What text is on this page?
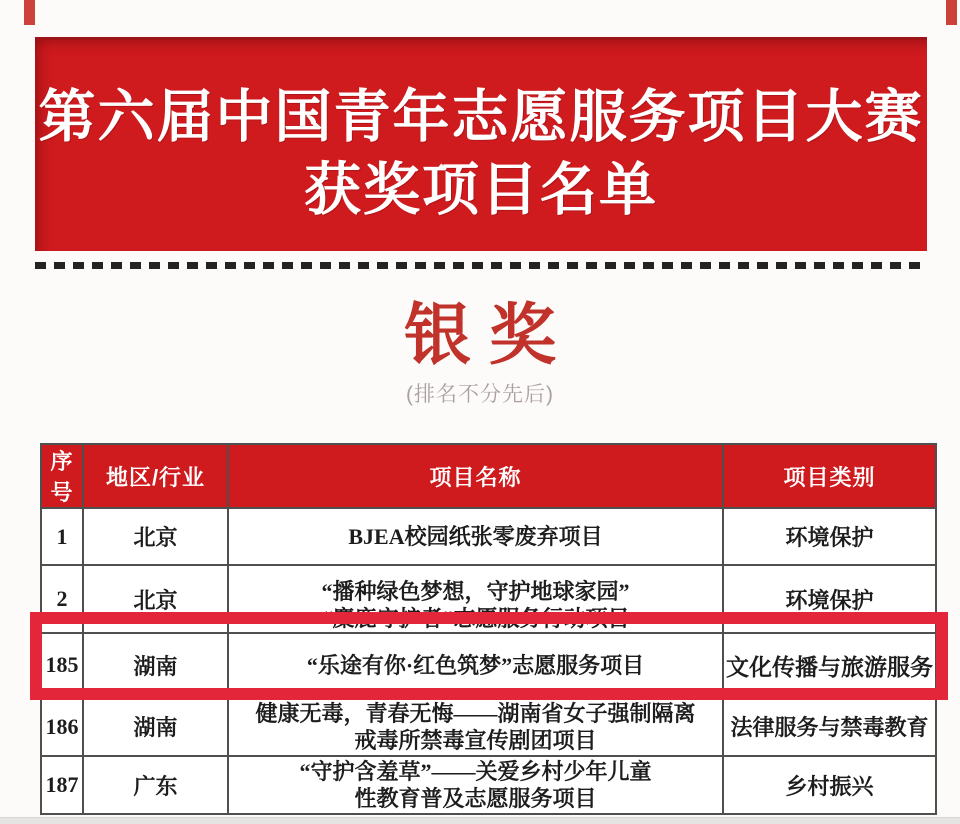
第六届中国青年志愿服务项目大赛
获奖项目名单
银奖
(排名不分先后)
序号	地区/行业	项目名称	项目类别
1	北京	BJEA校园纸张零废弃项目	环境保护
2	北京	“播种绿色梦想，守护地球家园”
“麋鹿守护者”志愿服务行动项目	环境保护
185	湖南	“乐途有你·红色筑梦”志愿服务项目	文化传播与旅游服务
186	湖南	健康无毒，青春无悔——湖南省女子强制隔离
戒毒所禁毒宣传剧团项目	法律服务与禁毒教育
187	广东	“守护含羞草”——关爱乡村少年儿童
性教育普及志愿服务项目	乡村振兴
